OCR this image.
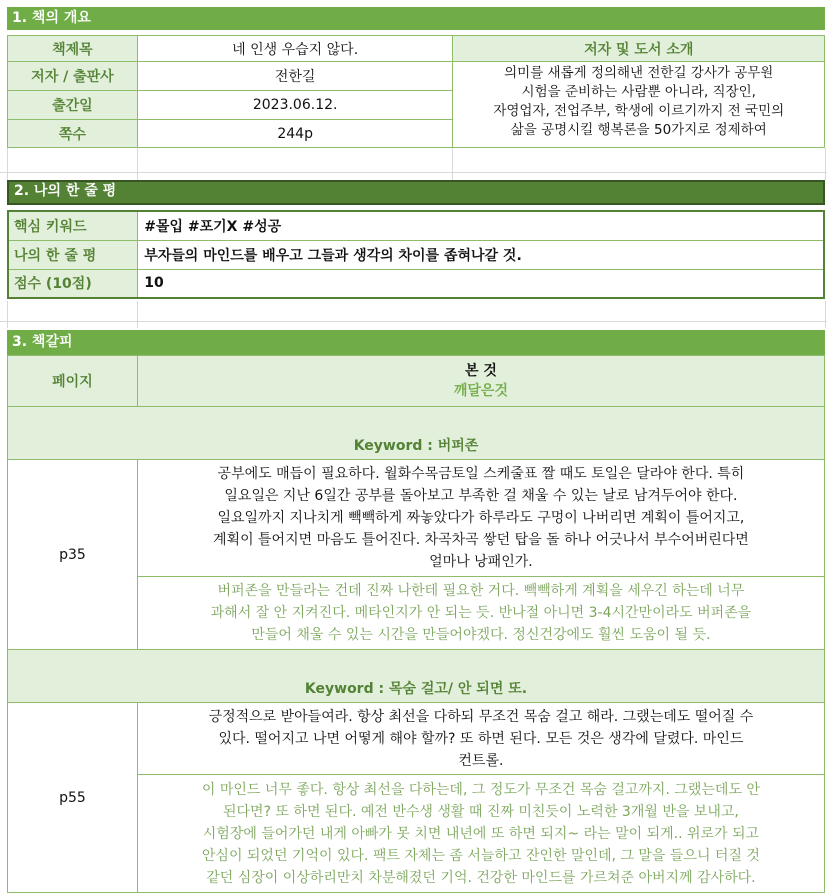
1. 책의 개요
책제목	네 인생 우습지 않다.	저자 및 도서 소개
저자 / 출판사	전한길	의미를 새롭게 정의해낸 전한길 강사가 공무원
시험을 준비하는 사람뿐 아니라, 직장인,
자영업자, 전업주부, 학생에 이르기까지 전 국민의
삶을 공명시킬 행복론을 50가지로 정제하여

출간일	2023.06.12.	
쪽수	244p	
2. 나의 한 줄 평
핵심 키워드	#몰입 #포기X #성공
나의 한 줄 평	부자들의 마인드를 배우고 그들과 생각의 차이를 좁혀나갈 것.
점수 (10점)	10
3. 책갈피
페이지	본 것
깨달은것

Keyword : 버퍼존	
p35	공부에도 매듭이 필요하다. 월화수목금토일 스케줄표 짤 때도 토일은 달라야 한다. 특히
일요일은 지난 6일간 공부를 돌아보고 부족한 걸 채울 수 있는 날로 남겨두어야 한다.
일요일까지 지나치게 빽빽하게 짜놓았다가 하루라도 구멍이 나버리면 계획이 틀어지고,
계획이 틀어지면 마음도 틀어진다. 차곡차곡 쌓던 탑을 돌 하나 어긋나서 부수어버린다면
얼마나 낭패인가.

	버퍼존을 만들라는 건데 진짜 나한테 필요한 거다. 빽빽하게 계획을 세우긴 하는데 너무
과해서 잘 안 지켜진다. 메타인지가 안 되는 듯. 반나절 아니면 3-4시간만이라도 버퍼존을
만들어 채울 수 있는 시간을 만들어야겠다. 정신건강에도 훨씬 도움이 될 듯.

Keyword : 목숨 걸고/ 안 되면 또.	
p55	긍정적으로 받아들여라. 항상 최선을 다하되 무조건 목숨 걸고 해라. 그랬는데도 떨어질 수
있다. 떨어지고 나면 어떻게 해야 할까? 또 하면 된다. 모든 것은 생각에 달렸다. 마인드
컨트롤.

	이 마인드 너무 좋다. 항상 최선을 다하는데, 그 정도가 무조건 목숨 걸고까지. 그랬는데도 안
된다면? 또 하면 된다. 예전 반수생 생활 때 진짜 미친듯이 노력한 3개월 반을 보내고,
시험장에 들어가던 내게 아빠가 못 치면 내년에 또 하면 되지~ 라는 말이 되게.. 위로가 되고
안심이 되었던 기억이 있다. 팩트 자체는 좀 서늘하고 잔인한 말인데, 그 말을 들으니 터질 것
같던 심장이 이상하리만치 차분해졌던 기억. 건강한 마인드를 가르쳐준 아버지께 감사하다.
